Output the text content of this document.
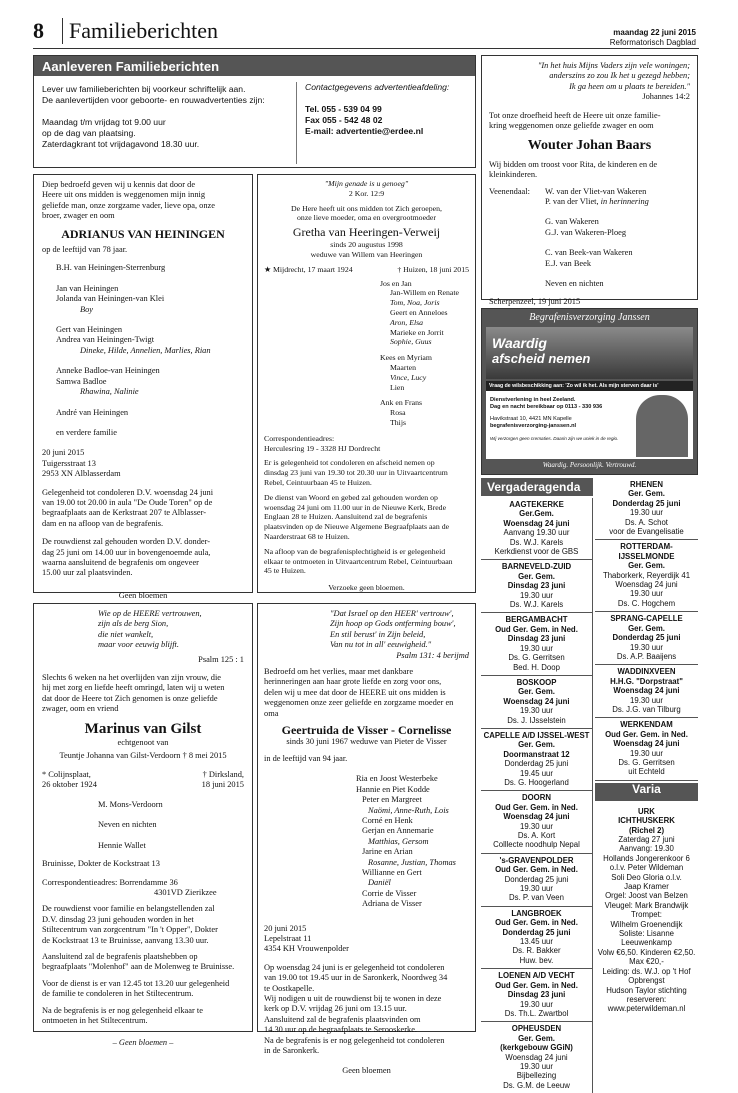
8	Familieberichten	maandag 22 juni 2015
Reformatorisch Dagblad
Aanleveren Familieberichten
Lever uw familieberichten bij voorkeur schriftelijk aan.
De aanlevertijden voor geboorte- en rouwadvertenties zijn:
Maandag t/m vrijdag tot 9.00 uur
op de dag van plaatsing.
Zaterdagkrant tot vrijdagavond 18.30 uur.
Contactgegevens advertentieafdeling:
Tel. 055 - 539 04 99
Fax 055 - 542 48 02
E-mail: advertentie@erdee.nl
"In het huis Mijns Vaders zijn vele woningen;
anderszins zo zou Ik het u gezegd hebben;
Ik ga heen om u plaats te bereiden."
Johannes 14:2
Tot onze droefheid heeft de Heere uit onze familie-
kring weggenomen onze geliefde zwager en oom
Wouter Johan Baars
Wij bidden om troost voor Rita, de kinderen en de
kleinkinderen.
Veenendaal: W. van der Vliet-van Wakeren
P. van der Vliet, in herinnering
G. van Wakeren
G.J. van Wakeren-Ploeg
C. van Beek-van Wakeren
E.J. van Beek
Neven en nichten
Scherpenzeel, 19 juni 2015
Begrafenisverzorging Janssen
Waardig
afscheid nemen
Vraag de wilsbeschikking aan: 'Zo wil ik het. Als mijn sterven daar is'
Dienstverlening in heel Zeeland.
Dag en nacht bereikbaar op 0113 - 330 936
Havikstraat 10, 4421 MN Kapelle
begrafenisverzorging-janssen.nl
Wij verzorgen geen crematies. Daarin zijn we uniek in de regio.
Waardig. Persoonlijk. Vertrouwd.
Vergaderagenda
AAGTEKERKE
Ger.Gem.
Woensdag 24 juni
Aanvang 19.30 uur
Ds. W.J. Karels
Kerkdienst voor de GBS
BARNEVELD-ZUID
Ger. Gem.
Dinsdag 23 juni
19.30 uur
Ds. W.J. Karels
BERGAMBACHT
Oud Ger. Gem. in Ned.
Dinsdag 23 juni
19.30 uur
Ds. G. Gerritsen
Bed. H. Doop
BOSKOOP
Ger. Gem.
Woensdag 24 juni
19.30 uur
Ds. J. IJsselstein
CAPELLE A/D IJSSEL-WEST
Ger. Gem.
Doormanstraat 12
Donderdag 25 juni
19.45 uur
Ds. G. Hoogerland
DOORN
Oud Ger. Gem. in Ned.
Woensdag 24 juni
19.30 uur
Ds. A. Kort
Colllecte noodhulp Nepal
's-GRAVENPOLDER
Oud Ger. Gem. in Ned.
Donderdag 25 juni
19.30 uur
Ds. P. van Veen
LANGBROEK
Oud Ger. Gem. in Ned.
Donderdag 25 juni
13.45 uur
Ds. R. Bakker
Huw. bev.
LOENEN A/D VECHT
Oud Ger. Gem. in Ned.
Dinsdag 23 juni
19.30 uur
Ds. Th.L. Zwartbol
OPHEUSDEN
Ger. Gem.
(kerkgebouw GGiN)
Woensdag 24 juni
19.30 uur
Bijbellezing
Ds. G.M. de Leeuw
RHENEN
Ger. Gem.
Donderdag 25 juni
19.30 uur
Ds. A. Schot
voor de Evangelisatie
ROTTERDAM-IJSSELMONDE
Ger. Gem.
Thaborkerk, Reyerdijk 41
Woensdag 24 juni
19.30 uur
Ds. C. Hogchem
SPRANG-CAPELLE
Ger. Gem.
Donderdag 25 juni
19.30 uur
Ds. A.P. Baaijens
WADDINXVEEN
H.H.G. "Dorpstraat"
Woensdag 24 juni
19.30 uur
Ds. J.G. van Tilburg
WERKENDAM
Oud Ger. Gem. in Ned.
Woensdag 24 juni
19.30 uur
Ds. G. Gerritsen
uit Echteld
Varia
URK
ICHTHUSKERK
(Richel 2)
Zaterdag 27 juni
Aanvang: 19.30
Hollands Jongerenkoor 6
o.l.v. Peter Wildeman
Soli Deo Gloria o.l.v.
Jaap Kramer
Orgel: Joost van Belzen
Vleugel: Mark Brandwijk
Trompet:
Wilhelm Groenendijk
Soliste: Lisanne
Leeuwenkamp
Volw €6,50. Kinderen €2,50.
Max €20,-
Leiding: ds. W.J. op 't Hof
Opbrengst
Hudson Taylor stichting
reserveren:
www.peterwildeman.nl
Diep bedroefd geven wij u kennis dat door de
Heere uit ons midden is weggenomen mijn innig
geliefde man, onze zorgzame vader, lieve opa, onze
broer, zwager en oom
ADRIANUS VAN HEININGEN
op de leeftijd van 78 jaar.
B.H. van Heiningen-Sterrenburg
Jan van Heiningen
Jolanda van Heiningen-van Klei
Boy
Gert van Heiningen
Andrea van Heiningen-Twigt
Dineke, Hilde, Annelien, Marlies, Rian
Anneke Badloe-van Heiningen
Samwa Badloe
Rhawina, Nalinie
André van Heiningen
en verdere familie
20 juni 2015
Tuigersstraat 13
2953 XN Alblasserdam
Gelegenheid tot condoleren D.V. woensdag 24 juni
van 19.00 tot 20.00 in aula "De Oude Toren" op de
begraafplaats aan de Kerkstraat 207 te Alblasser-
dam en na afloop van de begrafenis.
De rouwdienst zal gehouden worden D.V. donder-
dag 25 juni om 14.00 uur in bovengenoemde aula,
waarna aansluitend de begrafenis om ongeveer
15.00 uur zal plaatsvinden.
Geen bloemen
"Mijn genade is u genoeg"
2 Kor. 12:9
De Here heeft uit ons midden tot Zich geroepen,
onze lieve moeder, oma en overgrootmoeder
Gretha van Heeringen-Verweij
sinds 20 augustus 1998
weduwe van Willem van Heeringen
★ Mijdrecht, 17 maart 1924	† Huizen, 18 juni 2015
Jos en Jan
Jan-Willem en Renate
Tom, Noa, Joris
Geert en Anneloes
Aron, Elsa
Marieke en Jorrit
Sophie, Guus
Kees en Myriam
Maarten
Vince, Lucy
Lien
Ank en Frans
Rosa
Thijs
Correspondentieadres:
Herculesring 19 - 3328 HJ Dordrecht
Er is gelegenheid tot condoleren en afscheid nemen op
dinsdag 23 juni van 19.30 tot 20.30 uur in Uitvaartcentrum
Rebel, Ceintuurbaan 45 te Huizen.
De dienst van Woord en gebed zal gehouden worden op
woensdag 24 juni om 11.00 uur in de Nieuwe Kerk, Brede
Englaan 28 te Huizen. Aansluitend zal de begrafenis
plaatsvinden op de Nieuwe Algemene Begraafplaats aan de
Naarderstraat 68 te Huizen.
Na afloop van de begrafenisplechtigheid is er gelegenheid
elkaar te ontmoeten in Uitvaartcentrum Rebel, Ceintuurbaan
45 te Huizen.
Verzoeke geen bloemen.
Wie op de HEERE vertrouwen,
zijn als de berg Sion,
die niet wankelt,
maar voor eeuwig blijft.
Psalm 125 : 1
Slechts 6 weken na het overlijden van zijn vrouw, die
hij met zorg en liefde heeft omringd, laten wij u weten
dat door de Heere tot Zich genomen is onze geliefde
zwager, oom en vriend
Marinus van Gilst
echtgenoot van
Teuntje Johanna van Gilst-Verdoorn † 8 mei 2015
* Colijnsplaat,
26 oktober 1924
† Dirksland,
18 juni 2015
M. Mons-Verdoorn
Neven en nichten
Hennie Wallet
Bruinisse, Dokter de Kockstraat 13
Correspondentieadres: Borrendamme 36
4301VD Zierikzee
De rouwdienst voor familie en belangstellenden zal
D.V. dinsdag 23 juni gehouden worden in het
Stiltecentrum van zorgcentrum "In 't Opper", Dokter
de Kockstraat 13 te Bruinisse, aanvang 13.30 uur.
Aansluitend zal de begrafenis plaatshebben op
begraafplaats "Molenhof" aan de Molenweg te Bruinisse.
Voor de dienst is er van 12.45 tot 13.20 uur gelegenheid
de familie te condoleren in het Stiltecentrum.
Na de begrafenis is er nog gelegenheid elkaar te
ontmoeten in het Stiltecentrum.
– Geen bloemen –
"Dat Israel op den HEER' vertrouw',
Zijn hoop op Gods ontferming bouw',
En stil berust' in Zijn beleid,
Van nu tot in all' eeuwigheid."
Psalm 131: 4 berijmd
Bedroefd om het verlies, maar met dankbare
herinneringen aan haar grote liefde en zorg voor ons,
delen wij u mee dat door de HEERE uit ons midden is
weggenomen onze zeer geliefde en zorgzame moeder en
oma
Geertruida de Visser - Cornelisse
sinds 30 juni 1967 weduwe van Pieter de Visser
in de leeftijd van 94 jaar.
Ria en Joost Westerbeke
Hannie en Piet Kodde
Peter en Margreet
Naömi, Anne-Ruth, Lois
Corné en Henk
Gerjan en Annemarie
Matthias, Gersom
Jarine en Arian
Rosanne, Justian, Thomas
Willianne en Gert
Daniël
Corrie de Visser
Adriana de Visser
20 juni 2015
Lepelstraat 11
4354 KH Vrouwenpolder
Op woensdag 24 juni is er gelegenheid tot condoleren
van 19.00 tot 19.45 uur in de Saronkerk, Noordweg 34
te Oostkapelle.
Wij nodigen u uit de rouwdienst bij te wonen in deze
kerk op D.V. vrijdag 26 juni om 13.15 uur.
Aansluitend zal de begrafenis plaatsvinden om
14.30 uur op de begraafplaats te Serooskerke.
Na de begrafenis is er nog gelegenheid tot condoleren
in de Saronkerk.
Geen bloemen
